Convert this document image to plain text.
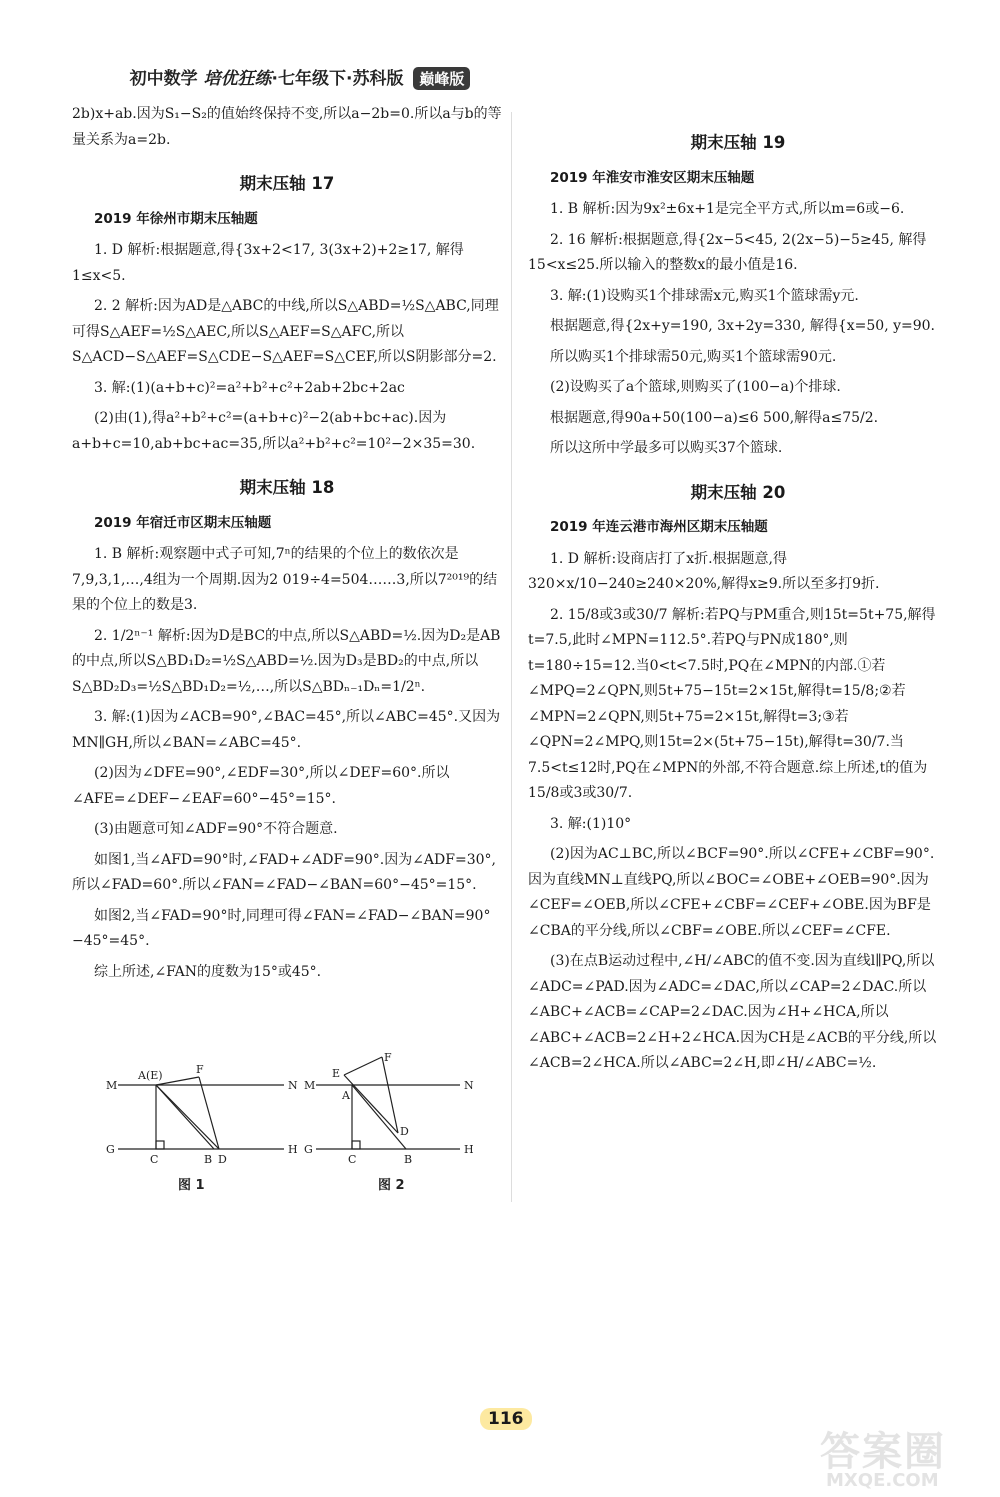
初中数学 培优狂练·七年级下·苏科版 巅峰版

2b)x+ab.因为S₁−S₂的值始终保持不变,所以a−2b=0.所以a与b的等量关系为a=2b.

期末压轴 17
2019 年徐州市期末压轴题

1. D 解析:根据题意,得{3x+2<17, 3(3x+2)+2≥17, 解得 1≤x<5.

2. 2 解析:因为AD是△ABC的中线,所以S△ABD=½S△ABC,同理可得S△AEF=½S△AEC,所以S△AEF=S△AFC,所以S△ACD−S△AEF=S△CDE−S△AEF=S△CEF,所以S阴影部分=2.

3. 解:(1)(a+b+c)²=a²+b²+c²+2ab+2bc+2ac

(2)由(1),得a²+b²+c²=(a+b+c)²−2(ab+bc+ac).因为a+b+c=10,ab+bc+ac=35,所以a²+b²+c²=10²−2×35=30.

期末压轴 18
2019 年宿迁市区期末压轴题

1. B 解析:观察题中式子可知,7ⁿ的结果的个位上的数依次是7,9,3,1,…,4组为一个周期.因为2 019÷4=504……3,所以7²⁰¹⁹的结果的个位上的数是3.

2. 1/2ⁿ⁻¹ 解析:因为D是BC的中点,所以S△ABD=½.因为D₂是AB的中点,所以S△BD₁D₂=½S△ABD=½.因为D₃是BD₂的中点,所以S△BD₂D₃=½S△BD₁D₂=½,…,所以S△BDₙ₋₁Dₙ=1/2ⁿ.

3. 解:(1)因为∠ACB=90°,∠BAC=45°,所以∠ABC=45°.又因为MN∥GH,所以∠BAN=∠ABC=45°.

(2)因为∠DFE=90°,∠EDF=30°,所以∠DEF=60°.所以∠AFE=∠DEF−∠EAF=60°−45°=15°.

(3)由题意可知∠ADF=90°不符合题意.

如图1,当∠AFD=90°时,∠FAD+∠ADF=90°.因为∠ADF=30°,所以∠FAD=60°.所以∠FAN=∠FAD−∠BAN=60°−45°=15°.

如图2,当∠FAD=90°时,同理可得∠FAN=∠FAD−∠BAN=90°−45°=45°.

综上所述,∠FAN的度数为15°或45°.

M	N
G	H
A(E)	F
C	B D
图 1
M	N
G	H
E
F
A
D
C	B
图 2
期末压轴 19
2019 年淮安市淮安区期末压轴题

1. B 解析:因为9x²±6x+1是完全平方式,所以m=6或−6.

2. 16 解析:根据题意,得{2x−5<45, 2(2x−5)−5≥45, 解得15<x≤25.所以输入的整数x的最小值是16.

3. 解:(1)设购买1个排球需x元,购买1个篮球需y元.

根据题意,得{2x+y=190, 3x+2y=330, 解得{x=50, y=90.

所以购买1个排球需50元,购买1个篮球需90元.

(2)设购买了a个篮球,则购买了(100−a)个排球.

根据题意,得90a+50(100−a)≤6 500,解得a≤75/2.

所以这所中学最多可以购买37个篮球.

期末压轴 20
2019 年连云港市海州区期末压轴题

1. D 解析:设商店打了x折.根据题意,得320×x/10−240≥240×20%,解得x≥9.所以至多打9折.

2. 15/8或3或30/7 解析:若PQ与PM重合,则15t=5t+75,解得t=7.5,此时∠MPN=112.5°.若PQ与PN成180°,则t=180÷15=12.当0<t<7.5时,PQ在∠MPN的内部.①若∠MPQ=2∠QPN,则5t+75−15t=2×15t,解得t=15/8;②若∠MPN=2∠QPN,则5t+75=2×15t,解得t=3;③若∠QPN=2∠MPQ,则15t=2×(5t+75−15t),解得t=30/7.当7.5<t≤12时,PQ在∠MPN的外部,不符合题意.综上所述,t的值为15/8或3或30/7.

3. 解:(1)10°

(2)因为AC⊥BC,所以∠BCF=90°.所以∠CFE+∠CBF=90°.因为直线MN⊥直线PQ,所以∠BOC=∠OBE+∠OEB=90°.因为∠CEF=∠OEB,所以∠CFE+∠CBF=∠CEF+∠OBE.因为BF是∠CBA的平分线,所以∠CBF=∠OBE.所以∠CEF=∠CFE.

(3)在点B运动过程中,∠H/∠ABC的值不变.因为直线l∥PQ,所以∠ADC=∠PAD.因为∠ADC=∠DAC,所以∠CAP=2∠DAC.所以∠ABC+∠ACB=∠CAP=2∠DAC.因为∠H+∠HCA,所以∠ABC+∠ACB=2∠H+2∠HCA.因为CH是∠ACB的平分线,所以∠ACB=2∠HCA.所以∠ABC=2∠H,即∠H/∠ABC=½.

116
答案圈
MXQE.COM
